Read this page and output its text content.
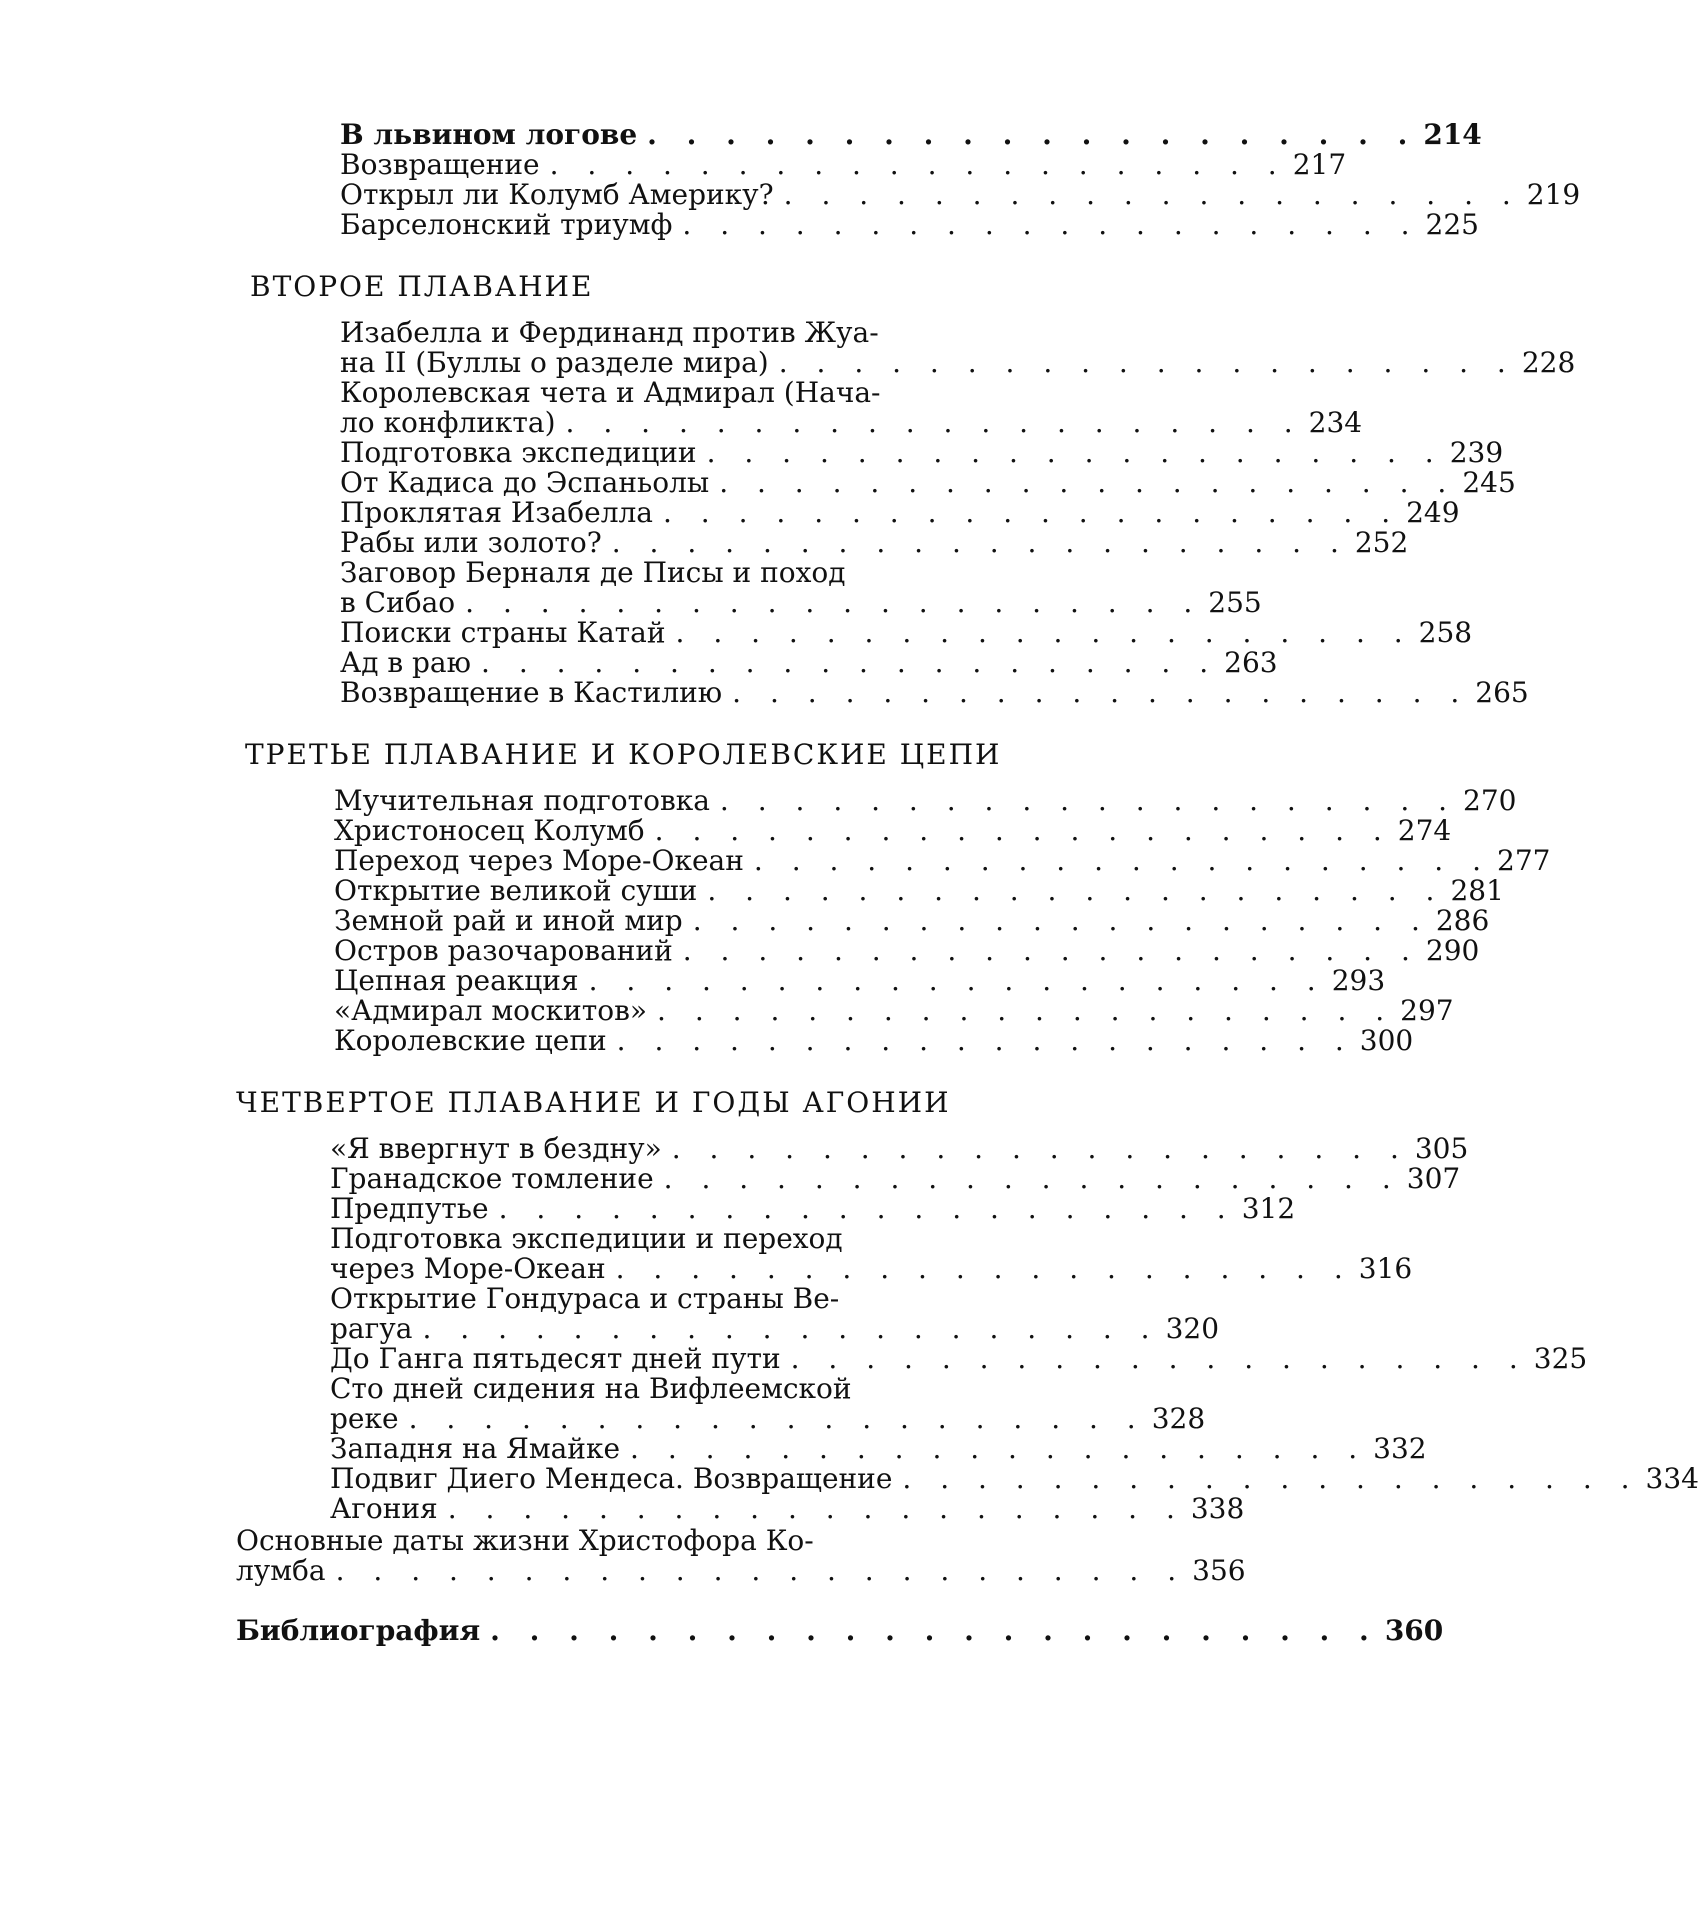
В львином логове . . . . . . . . . . . . . . . . . . . . 214
Возвращение . . . . . . . . . . . . . . . . . . . . 217
Открыл ли Колумб Америку? . . . . . . . . . . . . . . . . . . . . 219
Барселонский триумф . . . . . . . . . . . . . . . . . . . . 225
ВТОРОЕ ПЛАВАНИЕ
Изабелла и Фердинанд против Жуа-
на II (Буллы о разделе мира) . . . . . . . . . . . . . . . . . . . . 228
Королевская чета и Адмирал (Нача-
ло конфликта) . . . . . . . . . . . . . . . . . . . . 234
Подготовка экспедиции . . . . . . . . . . . . . . . . . . . . 239
От Кадиса до Эспаньолы . . . . . . . . . . . . . . . . . . . . 245
Проклятая Изабелла . . . . . . . . . . . . . . . . . . . . 249
Рабы или золото? . . . . . . . . . . . . . . . . . . . . 252
Заговор Берналя де Писы и поход
в Сибао . . . . . . . . . . . . . . . . . . . . 255
Поиски страны Катай . . . . . . . . . . . . . . . . . . . . 258
Ад в раю . . . . . . . . . . . . . . . . . . . . 263
Возвращение в Кастилию . . . . . . . . . . . . . . . . . . . . 265
ТРЕТЬЕ ПЛАВАНИЕ И КОРОЛЕВСКИЕ ЦЕПИ
Мучительная подготовка . . . . . . . . . . . . . . . . . . . . 270
Христоносец Колумб . . . . . . . . . . . . . . . . . . . . 274
Переход через Море-Океан . . . . . . . . . . . . . . . . . . . . 277
Открытие великой суши . . . . . . . . . . . . . . . . . . . . 281
Земной рай и иной мир . . . . . . . . . . . . . . . . . . . . 286
Остров разочарований . . . . . . . . . . . . . . . . . . . . 290
Цепная реакция . . . . . . . . . . . . . . . . . . . . 293
«Адмирал москитов» . . . . . . . . . . . . . . . . . . . . 297
Королевские цепи . . . . . . . . . . . . . . . . . . . . 300
ЧЕТВЕРТОЕ ПЛАВАНИЕ И ГОДЫ АГОНИИ
«Я ввергнут в бездну» . . . . . . . . . . . . . . . . . . . . 305
Гранадское томление . . . . . . . . . . . . . . . . . . . . 307
Предпутье . . . . . . . . . . . . . . . . . . . . 312
Подготовка экспедиции и переход
через Море-Океан . . . . . . . . . . . . . . . . . . . . 316
Открытие Гондураса и страны Ве-
рагуа . . . . . . . . . . . . . . . . . . . . 320
До Ганга пятьдесят дней пути . . . . . . . . . . . . . . . . . . . . 325
Сто дней сидения на Вифлеемской
реке . . . . . . . . . . . . . . . . . . . . 328
Западня на Ямайке . . . . . . . . . . . . . . . . . . . . 332
Подвиг Диего Мендеса. Возвращение . . . . . . . . . . . . . . . . . . . . 334
Агония . . . . . . . . . . . . . . . . . . . . 338
Основные даты жизни Христофора Ко-
лумба . . . . . . . . . . . . . . . . . . . . . . . 356
Библиография . . . . . . . . . . . . . . . . . . . . . . . 360
